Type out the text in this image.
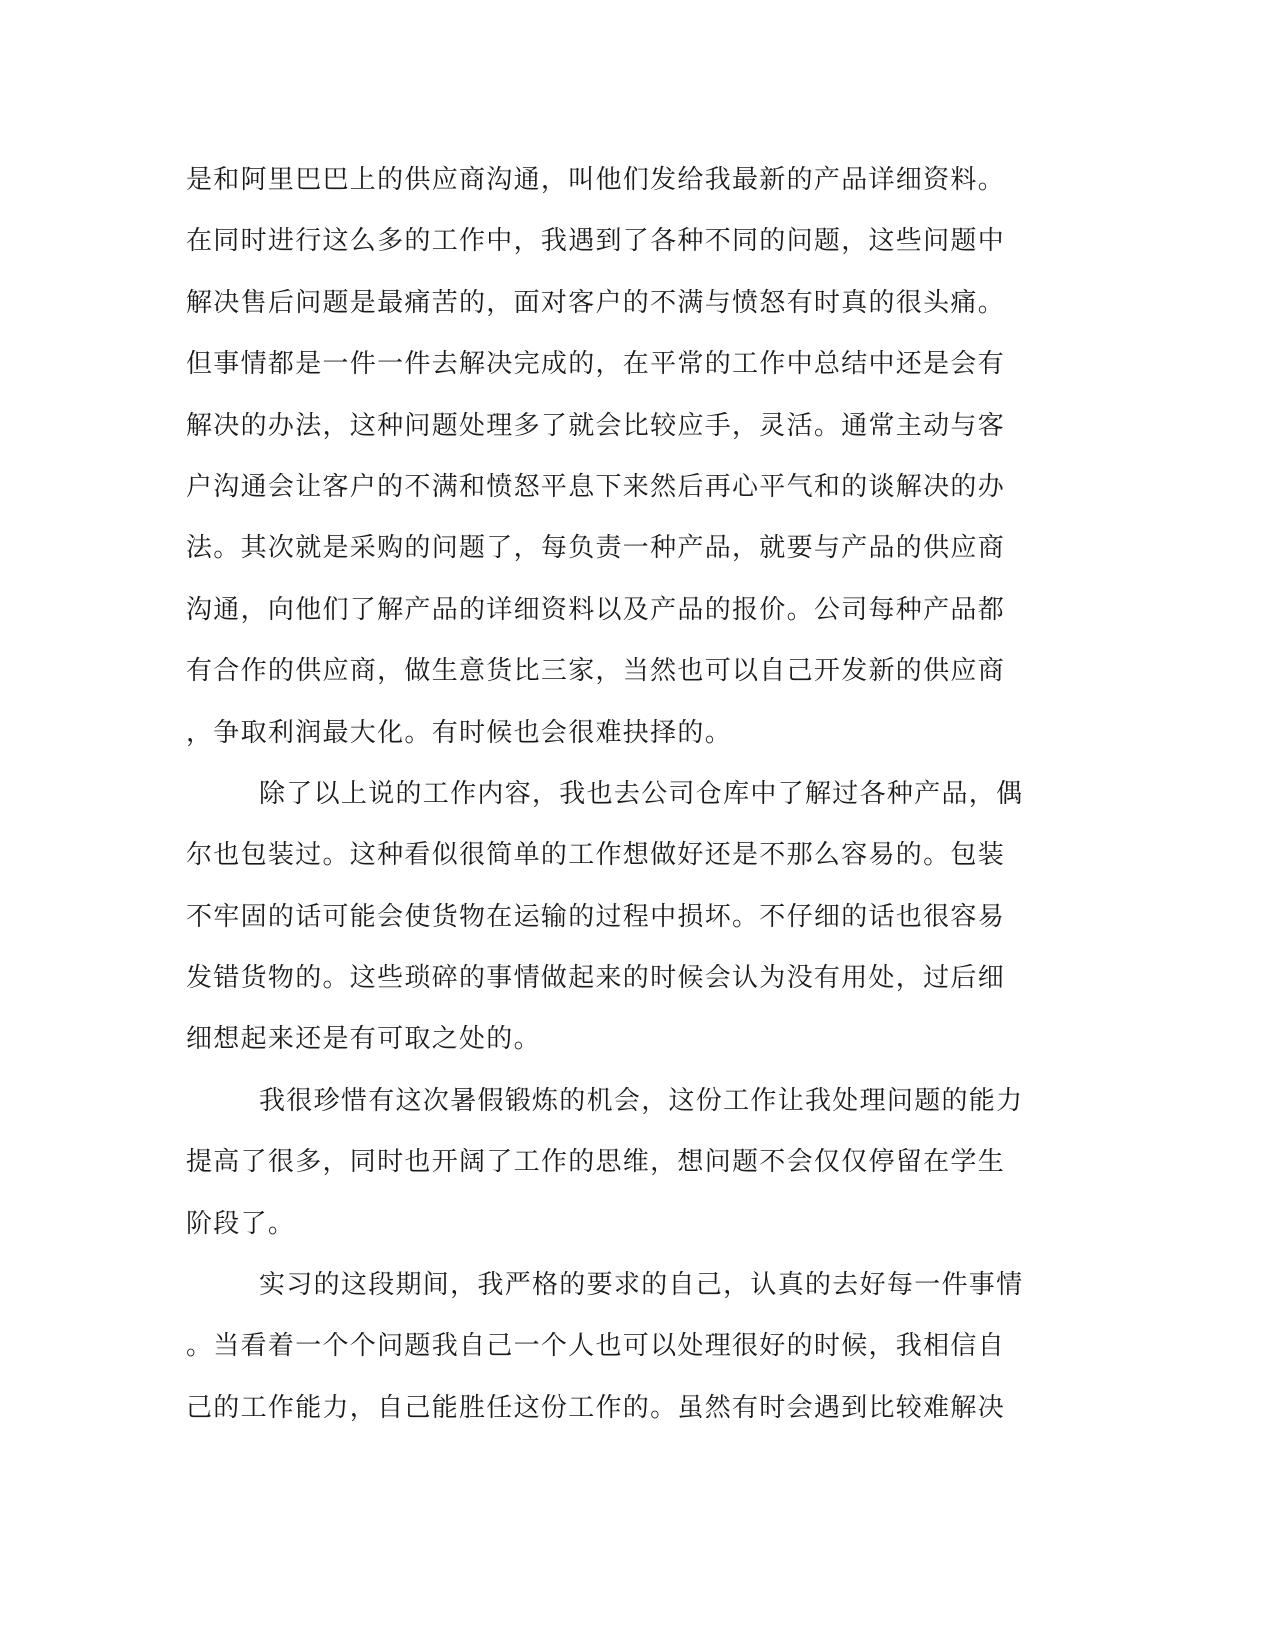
是和阿里巴巴上的供应商沟通，叫他们发给我最新的产品详细资料。
在同时进行这么多的工作中，我遇到了各种不同的问题，这些问题中
解决售后问题是最痛苦的，面对客户的不满与愤怒有时真的很头痛。
但事情都是一件一件去解决完成的，在平常的工作中总结中还是会有
解决的办法，这种问题处理多了就会比较应手，灵活。通常主动与客
户沟通会让客户的不满和愤怒平息下来然后再心平气和的谈解决的办
法。其次就是采购的问题了，每负责一种产品，就要与产品的供应商
沟通，向他们了解产品的详细资料以及产品的报价。公司每种产品都
有合作的供应商，做生意货比三家，当然也可以自己开发新的供应商
，争取利润最大化。有时候也会很难抉择的。
除了以上说的工作内容，我也去公司仓库中了解过各种产品，偶
尔也包装过。这种看似很简单的工作想做好还是不那么容易的。包装
不牢固的话可能会使货物在运输的过程中损坏。不仔细的话也很容易
发错货物的。这些琐碎的事情做起来的时候会认为没有用处，过后细
细想起来还是有可取之处的。
我很珍惜有这次暑假锻炼的机会，这份工作让我处理问题的能力
提高了很多，同时也开阔了工作的思维，想问题不会仅仅停留在学生
阶段了。
实习的这段期间，我严格的要求的自己，认真的去好每一件事情
。当看着一个个问题我自己一个人也可以处理很好的时候，我相信自
己的工作能力，自己能胜任这份工作的。虽然有时会遇到比较难解决
